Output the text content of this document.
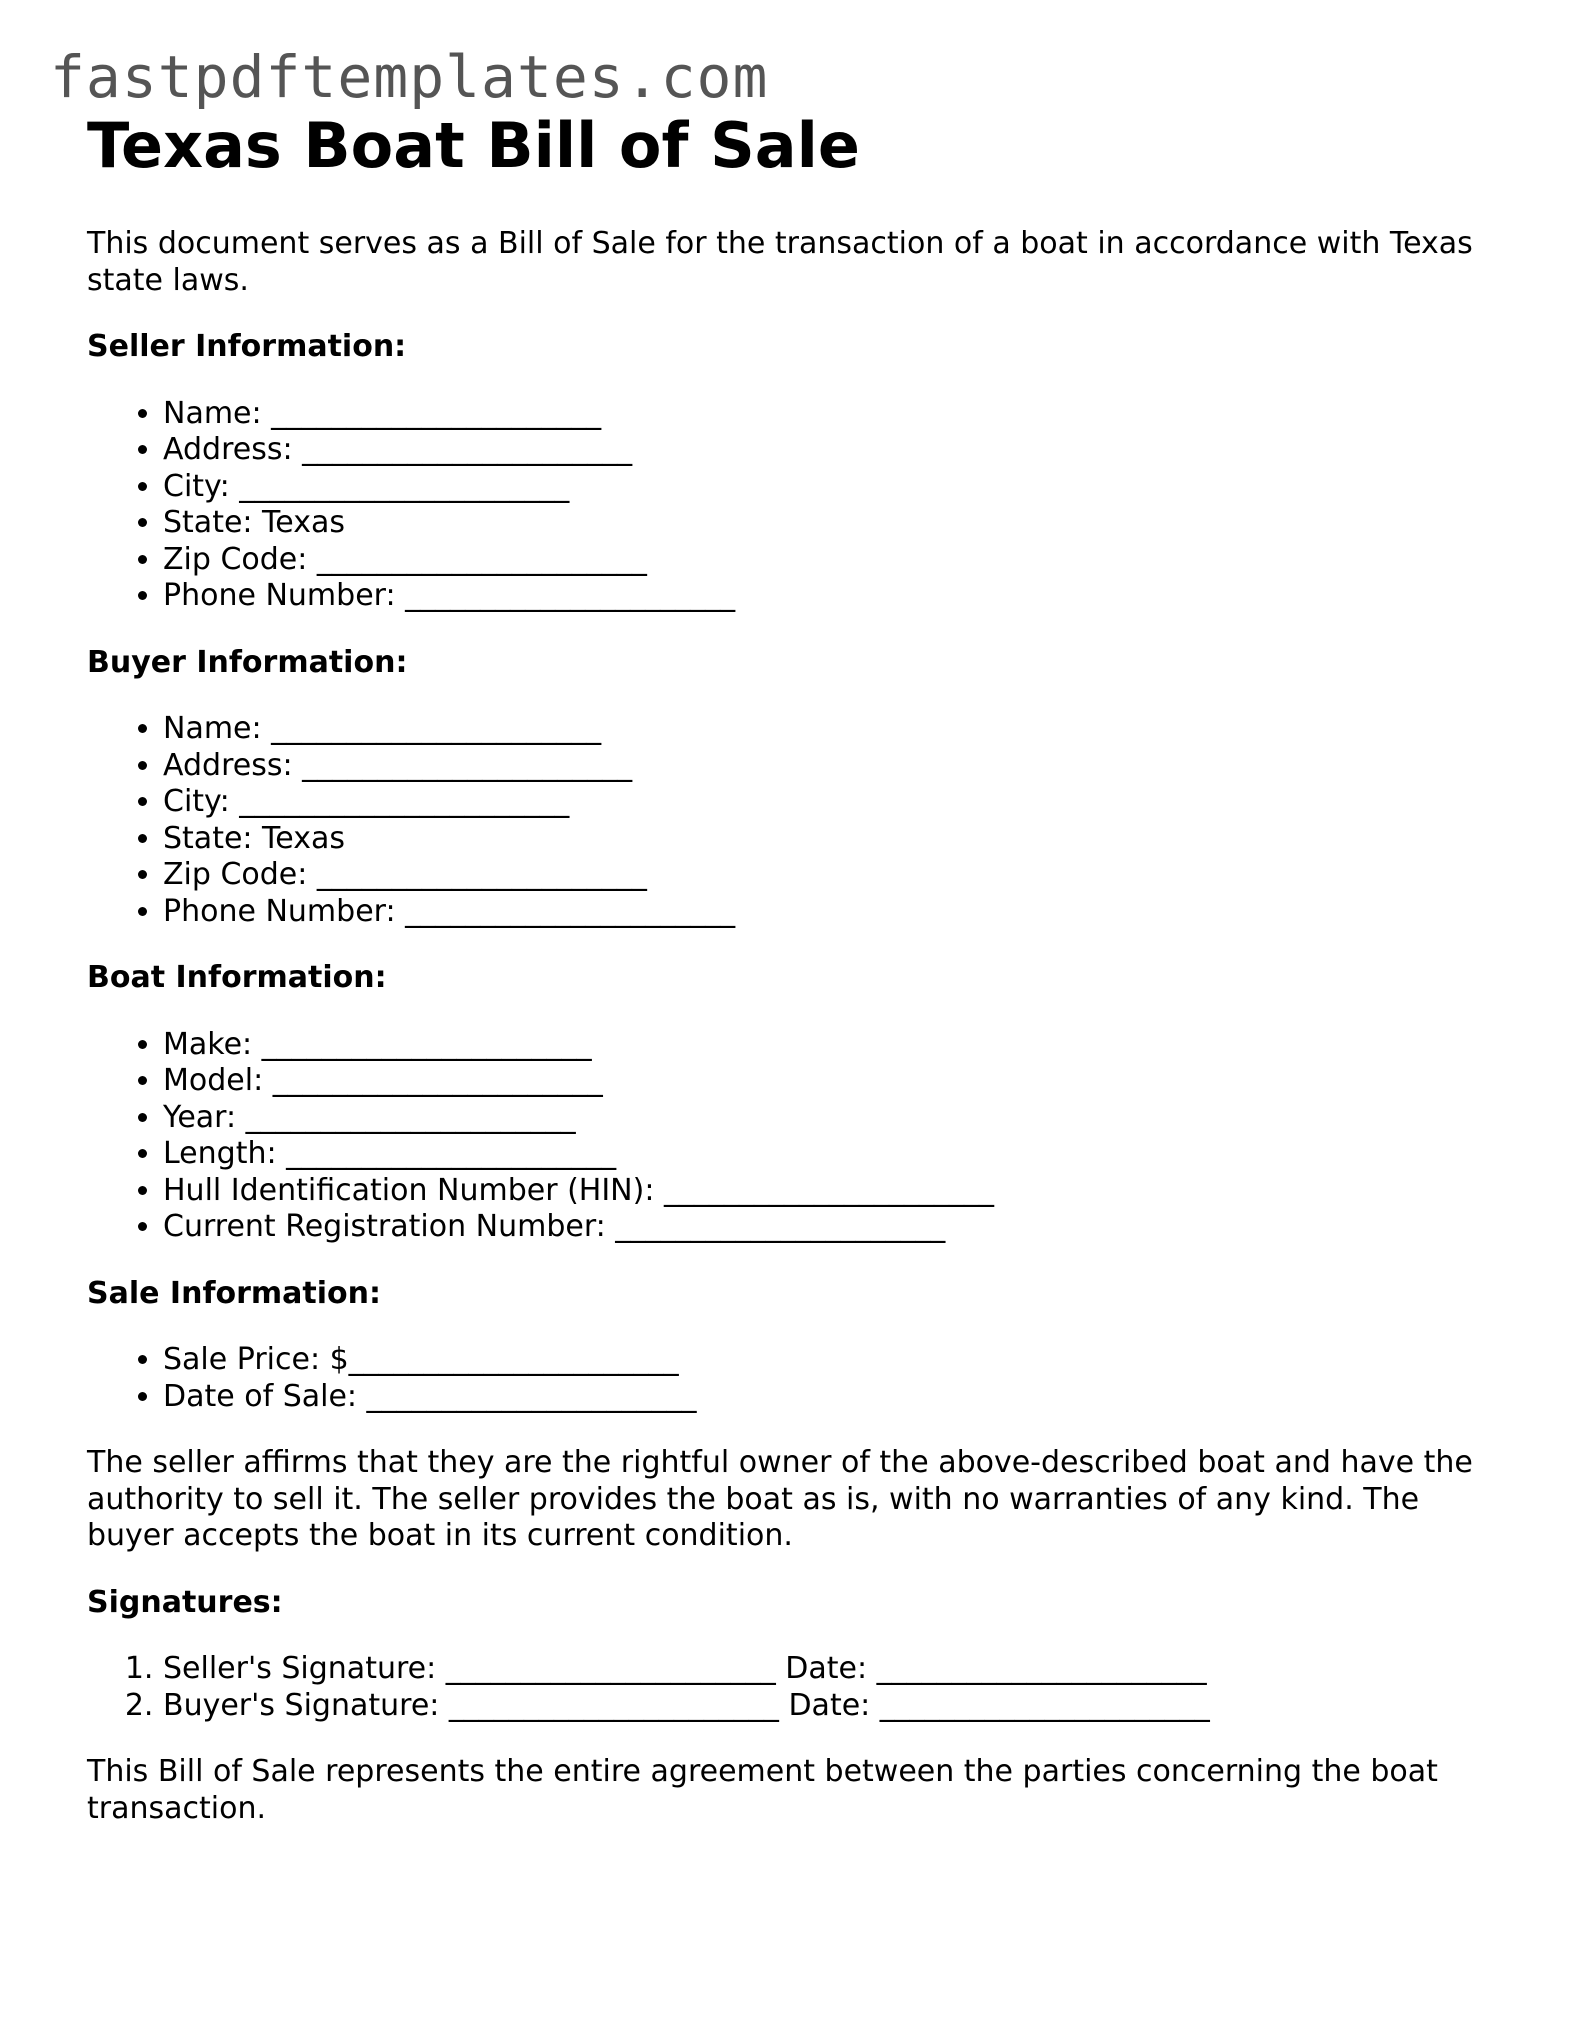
fastpdftemplates.com
Texas Boat Bill of Sale

This document serves as a Bill of Sale for the transaction of a boat in accordance with Texas state laws.

Seller Information:
• Name: ______________________
• Address: ______________________
• City: ______________________
• State: Texas
• Zip Code: ______________________
• Phone Number: ______________________
Buyer Information:
• Name: ______________________
• Address: ______________________
• City: ______________________
• State: Texas
• Zip Code: ______________________
• Phone Number: ______________________
Boat Information:
• Make: ______________________
• Model: ______________________
• Year: ______________________
• Length: ______________________
• Hull Identification Number (HIN): ______________________
• Current Registration Number: ______________________
Sale Information:
• Sale Price: $______________________
• Date of Sale: ______________________

The seller affirms that they are the rightful owner of the above-described boat and have the authority to sell it. The seller provides the boat as is, with no warranties of any kind. The buyer accepts the boat in its current condition.

Signatures:
1. Seller's Signature: ______________________ Date: ______________________
2. Buyer's Signature: ______________________ Date: ______________________

This Bill of Sale represents the entire agreement between the parties concerning the boat transaction.
